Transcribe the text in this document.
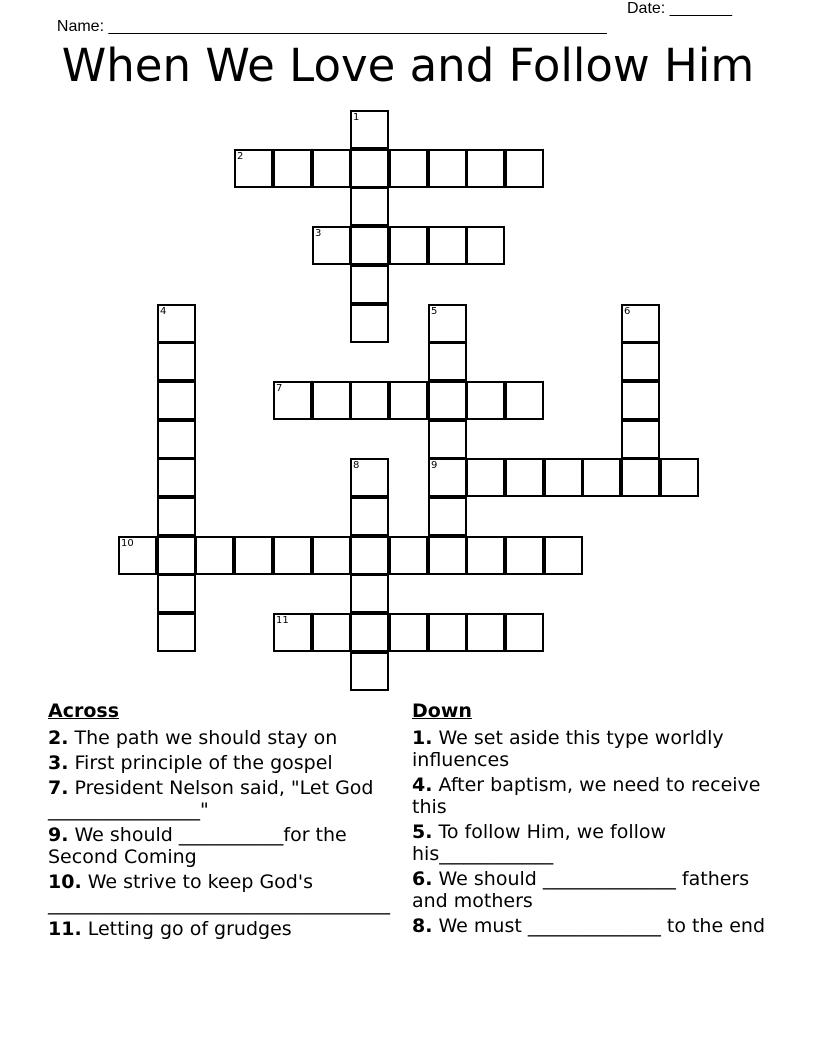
Name: ________________________________________________________

Date: _______

When We Love and Follow Him
1
2
3
4	5
9
6
7
8
10
11
Across
2. The path we should stay on
3. First principle of the gospel
7. President Nelson said, "Let God ________________"
9. We should ___________for the Second Coming
10. We strive to keep God's ____________________________________
11. Letting go of grudges
Down
1. We set aside this type worldly influences
4. After baptism, we need to receive this
5. To follow Him, we follow his____________
6. We should ______________ fathers and mothers
8. We must ______________ to the end
